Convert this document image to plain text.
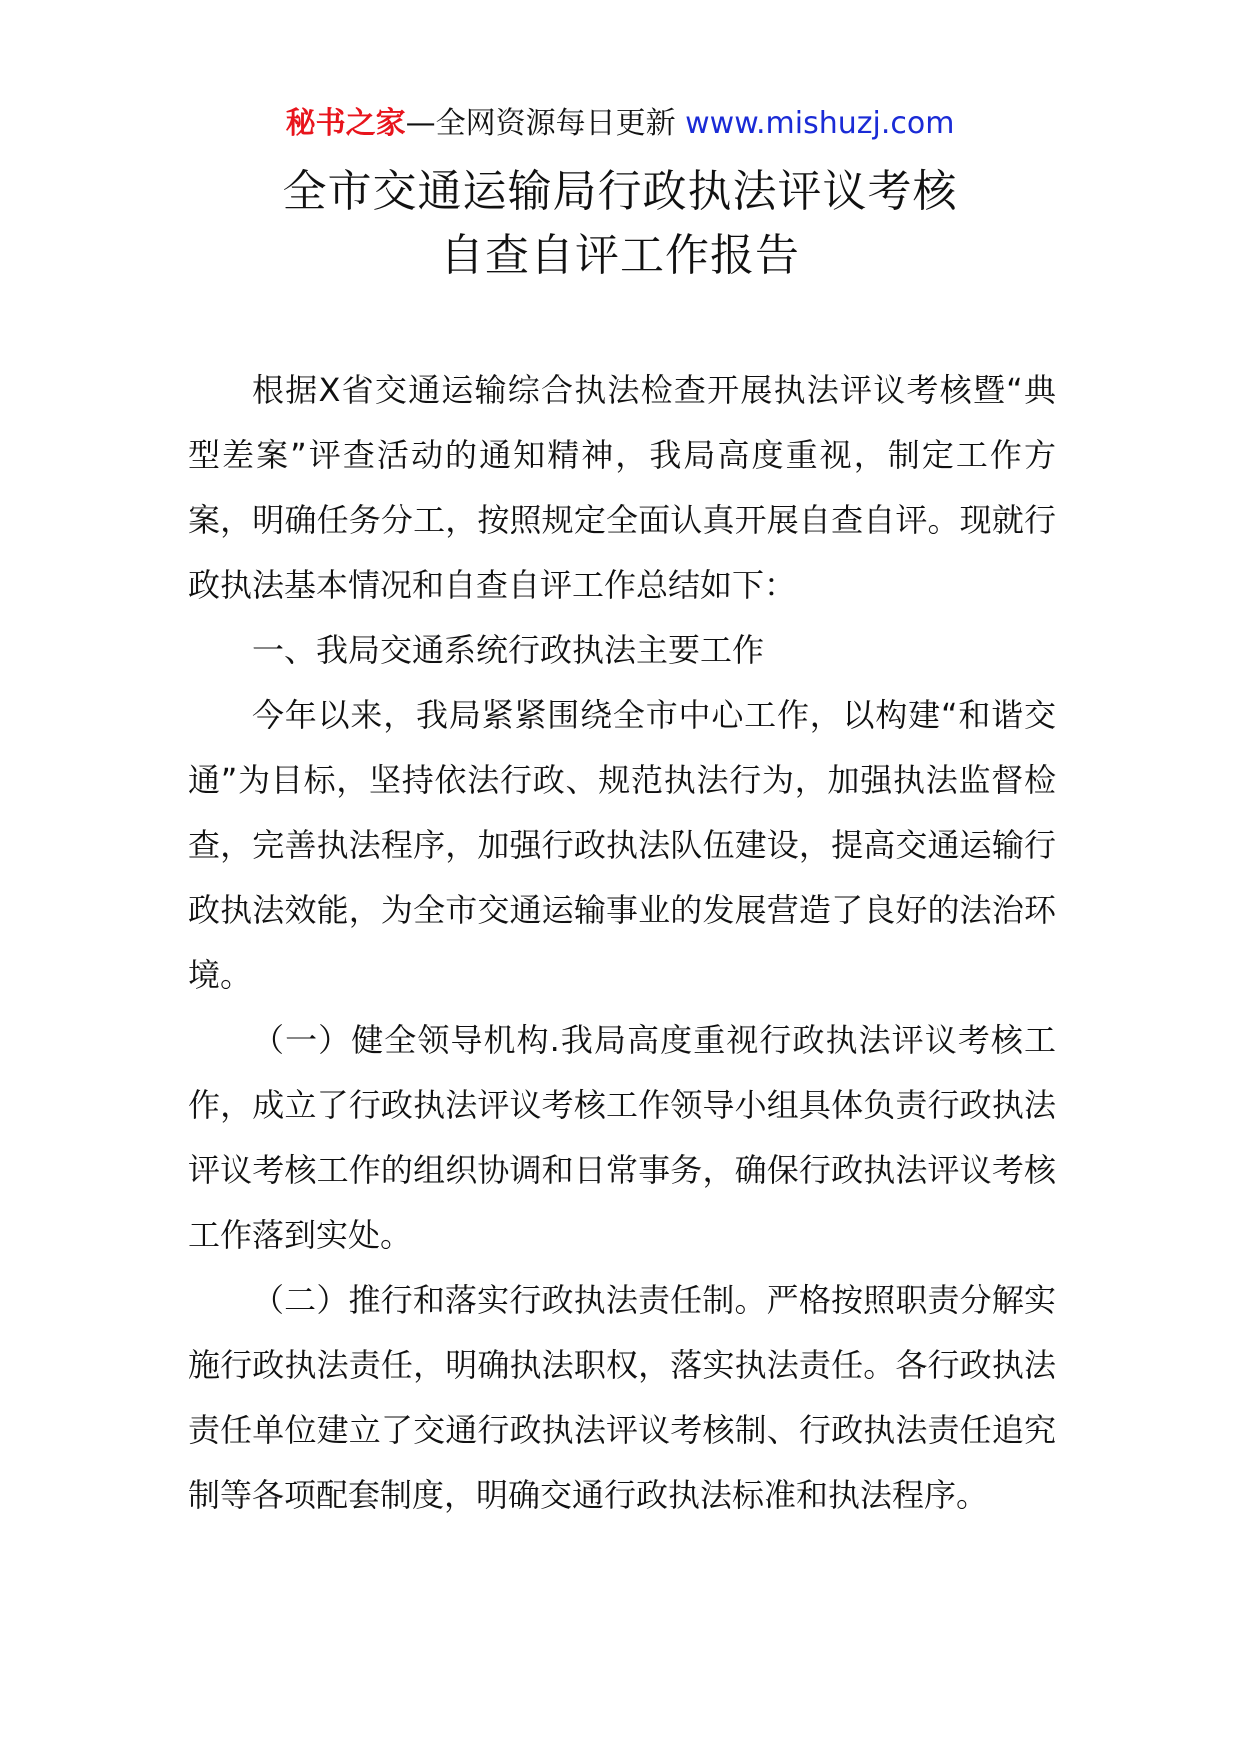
秘书之家—全网资源每日更新 www.mishuzj.com
全市交通运输局行政执法评议考核
自查自评工作报告

根据X省交通运输综合执法检查开展执法评议考核暨“典型差案”评查活动的通知精神，我局高度重视，制定工作方案，明确任务分工，按照规定全面认真开展自查自评。现就行政执法基本情况和自查自评工作总结如下：

一、我局交通系统行政执法主要工作

今年以来，我局紧紧围绕全市中心工作，以构建“和谐交通”为目标，坚持依法行政、规范执法行为，加强执法监督检查，完善执法程序，加强行政执法队伍建设，提高交通运输行政执法效能，为全市交通运输事业的发展营造了良好的法治环境。

（一）健全领导机构.我局高度重视行政执法评议考核工作，成立了行政执法评议考核工作领导小组具体负责行政执法评议考核工作的组织协调和日常事务，确保行政执法评议考核工作落到实处。

（二）推行和落实行政执法责任制。严格按照职责分解实施行政执法责任，明确执法职权，落实执法责任。各行政执法责任单位建立了交通行政执法评议考核制、行政执法责任追究制等各项配套制度，明确交通行政执法标准和执法程序。
